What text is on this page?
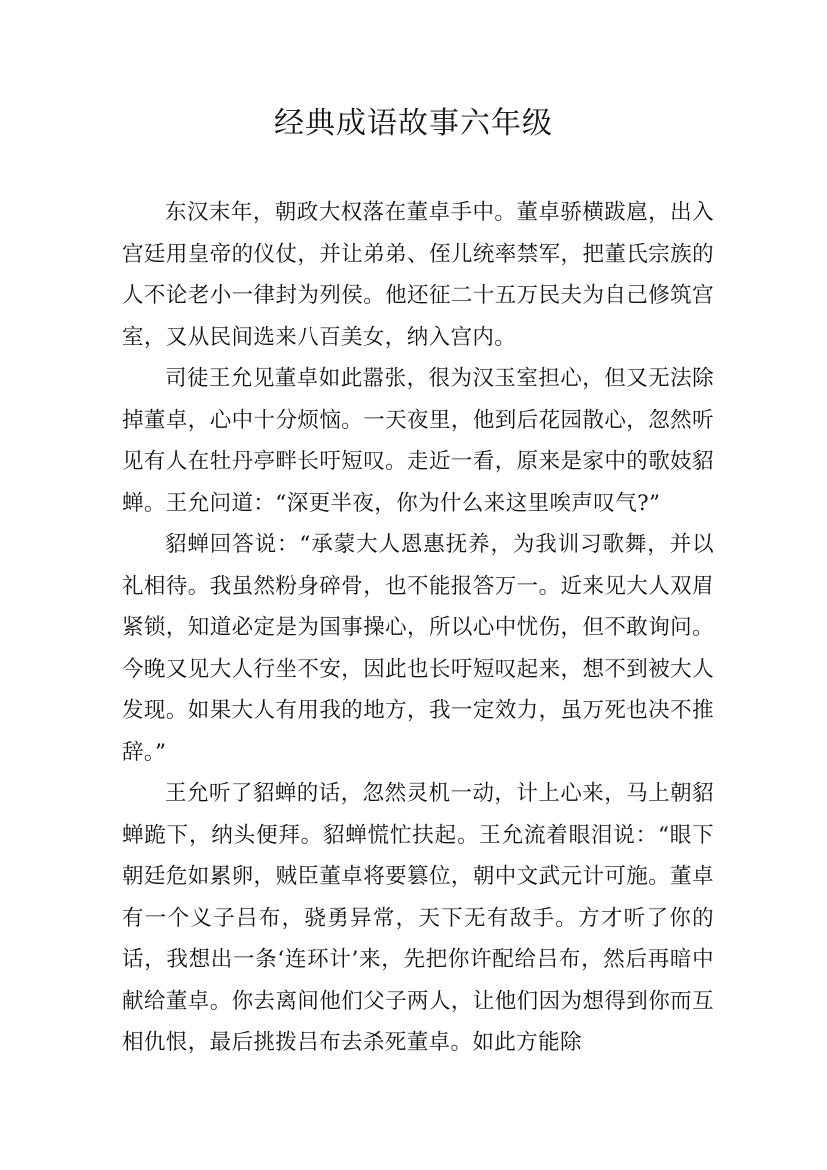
经典成语故事六年级

东汉末年，朝政大权落在董卓手中。董卓骄横跋扈，出入宫廷用皇帝的仪仗，并让弟弟、侄儿统率禁军，把董氏宗族的人不论老小一律封为列侯。他还征二十五万民夫为自己修筑宫室，又从民间选来八百美女，纳入宫内。

司徒王允见董卓如此嚣张，很为汉玉室担心，但又无法除掉董卓，心中十分烦恼。一天夜里，他到后花园散心，忽然听见有人在牡丹亭畔长吁短叹。走近一看，原来是家中的歌妓貂蝉。王允问道：“深更半夜，你为什么来这里唉声叹气?”

貂蝉回答说：“承蒙大人恩惠抚养，为我训习歌舞，并以礼相待。我虽然粉身碎骨，也不能报答万一。近来见大人双眉紧锁，知道必定是为国事操心，所以心中忧伤，但不敢询问。今晚又见大人行坐不安，因此也长吁短叹起来，想不到被大人发现。如果大人有用我的地方，我一定效力，虽万死也决不推辞。”

王允听了貂蝉的话，忽然灵机一动，计上心来，马上朝貂蝉跪下，纳头便拜。貂蝉慌忙扶起。王允流着眼泪说：“眼下朝廷危如累卵，贼臣董卓将要篡位，朝中文武元计可施。董卓有一个义子吕布，骁勇异常，天下无有敌手。方才听了你的话，我想出一条‘连环计’来，先把你许配给吕布，然后再暗中献给董卓。你去离间他们父子两人，让他们因为想得到你而互相仇恨，最后挑拨吕布去杀死董卓。如此方能除
